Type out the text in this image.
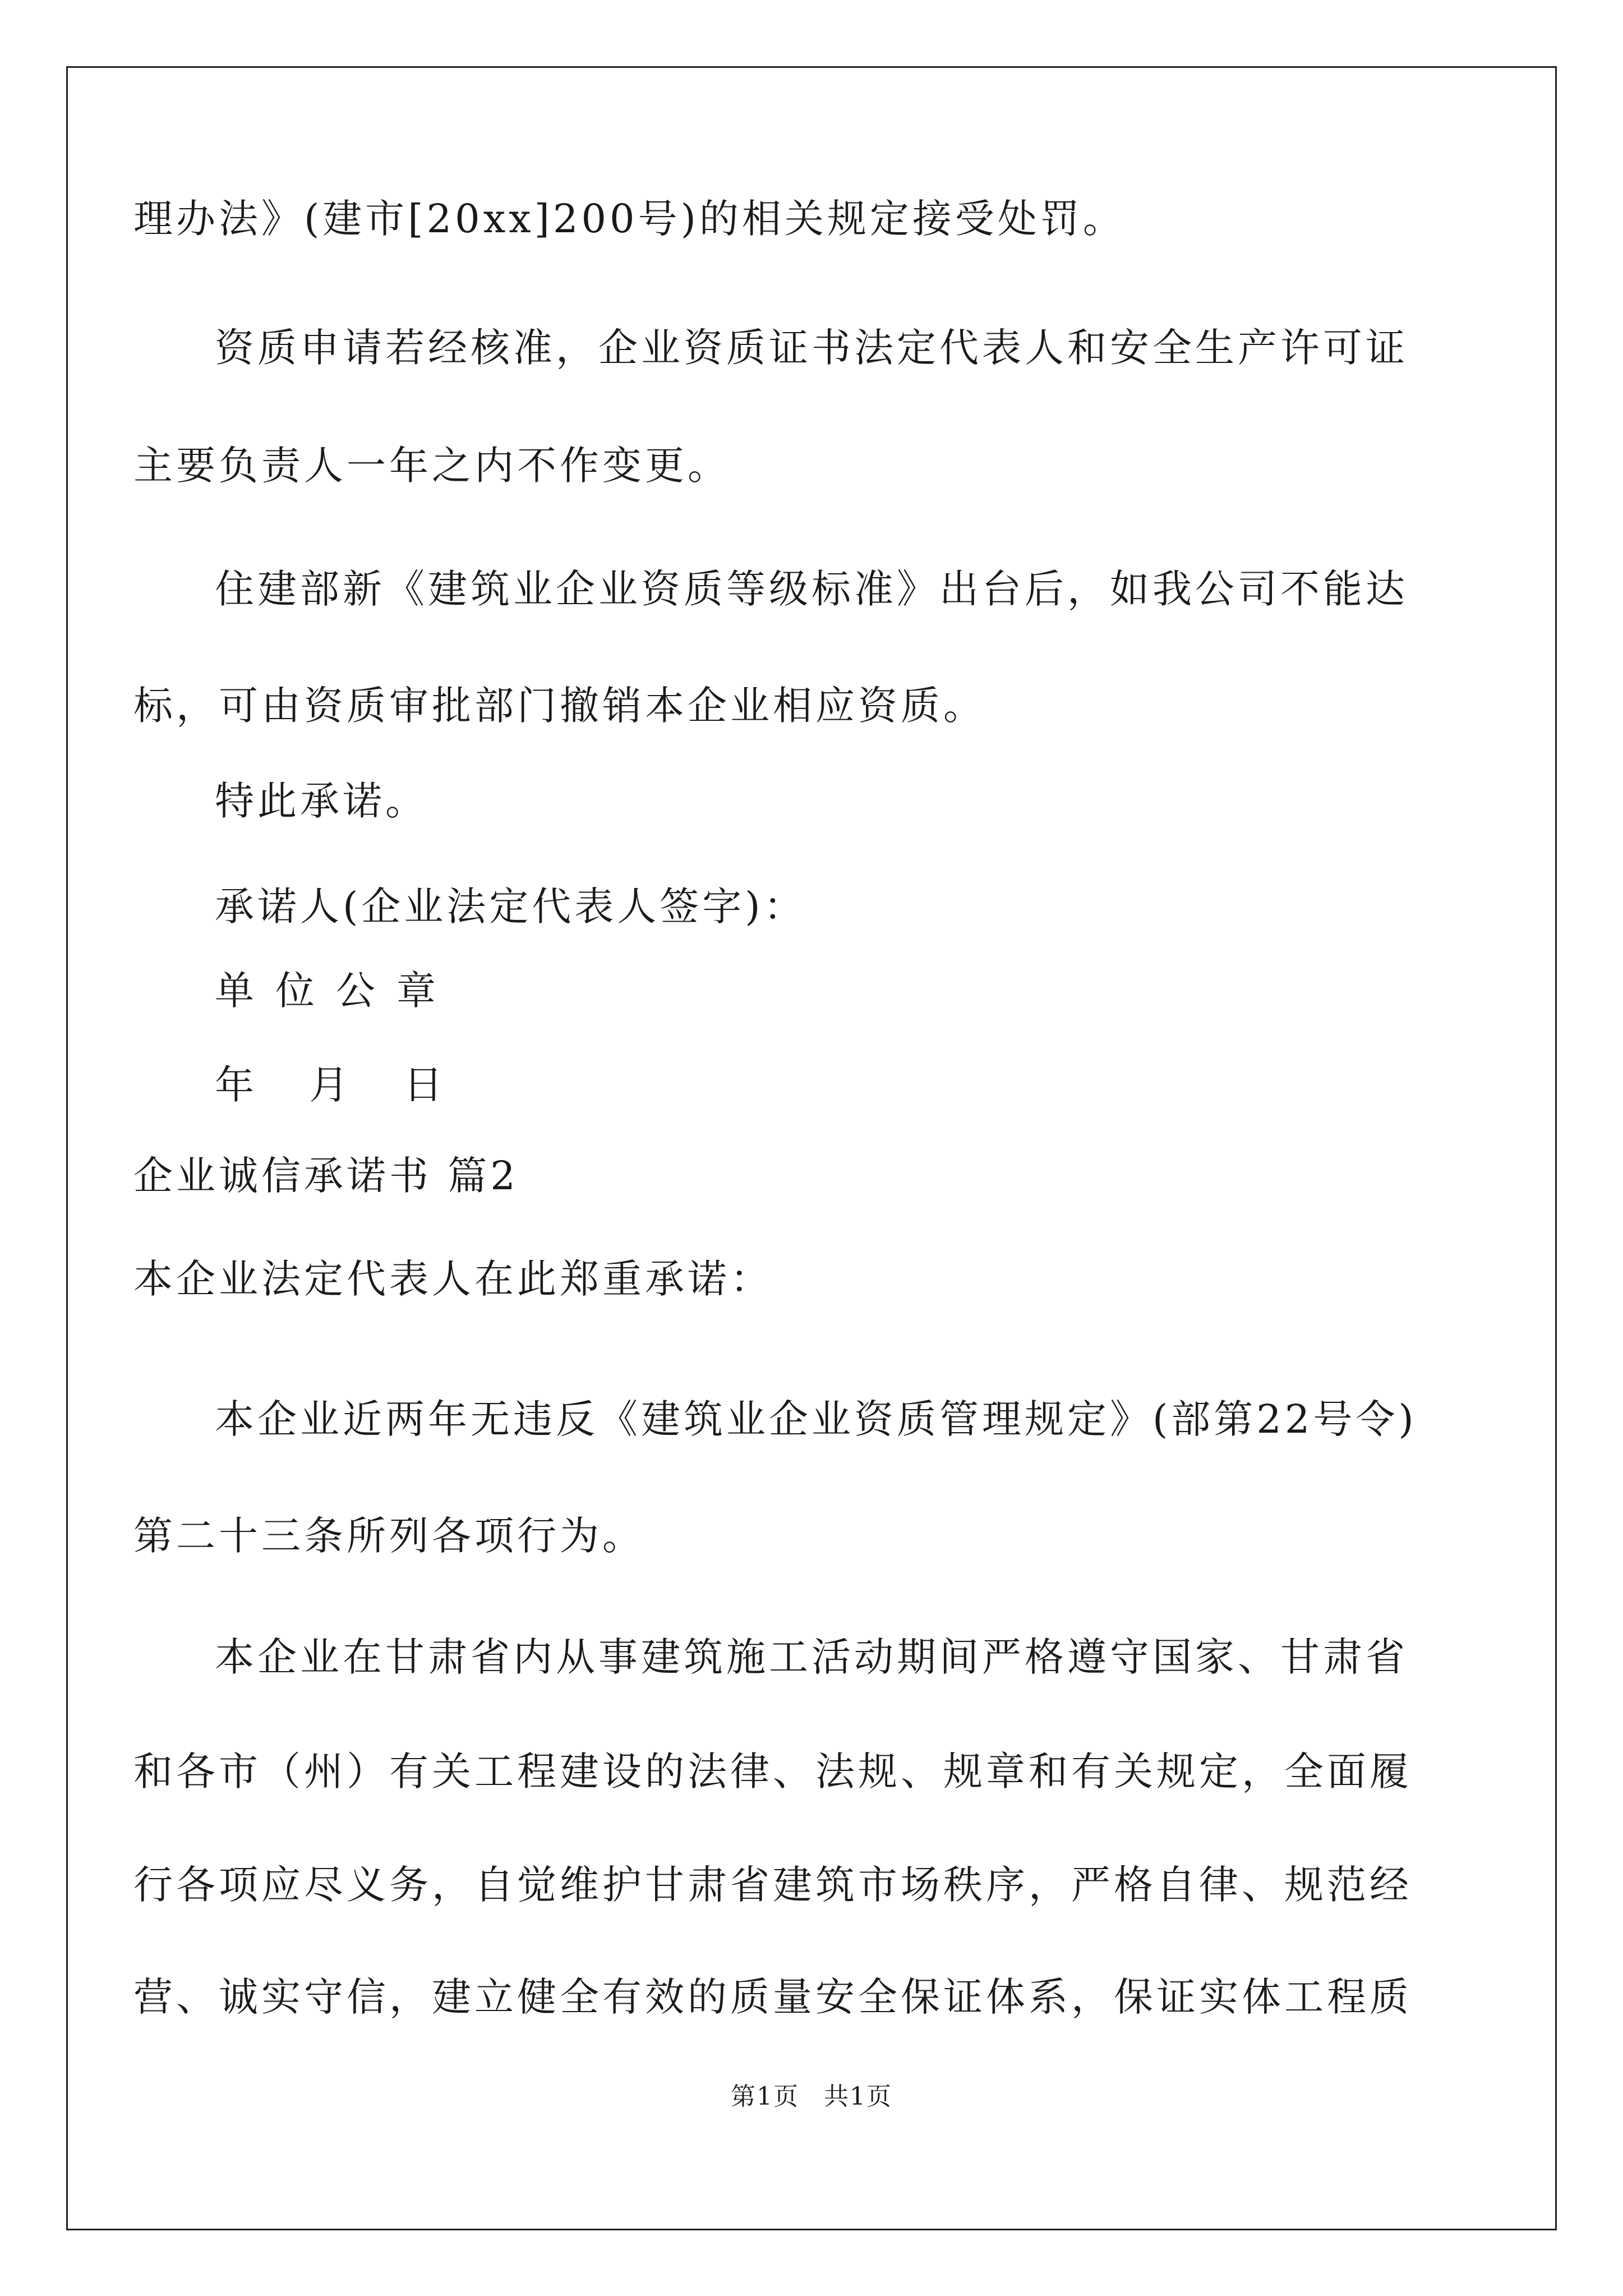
理办法》(建市[20xx]200号)的相关规定接受处罚。
资质申请若经核准，企业资质证书法定代表人和安全生产许可证
主要负责人一年之内不作变更。
住建部新《建筑业企业资质等级标准》出台后，如我公司不能达
标，可由资质审批部门撤销本企业相应资质。
特此承诺。
承诺人(企业法定代表人签字)：
单位公章
年 月 日
企业诚信承诺书 篇2
本企业法定代表人在此郑重承诺：
本企业近两年无违反《建筑业企业资质管理规定》(部第22号令)
第二十三条所列各项行为。
本企业在甘肃省内从事建筑施工活动期间严格遵守国家、甘肃省
和各市（州）有关工程建设的法律、法规、规章和有关规定，全面履
行各项应尽义务，自觉维护甘肃省建筑市场秩序，严格自律、规范经
营、诚实守信，建立健全有效的质量安全保证体系，保证实体工程质
第1页 共1页
